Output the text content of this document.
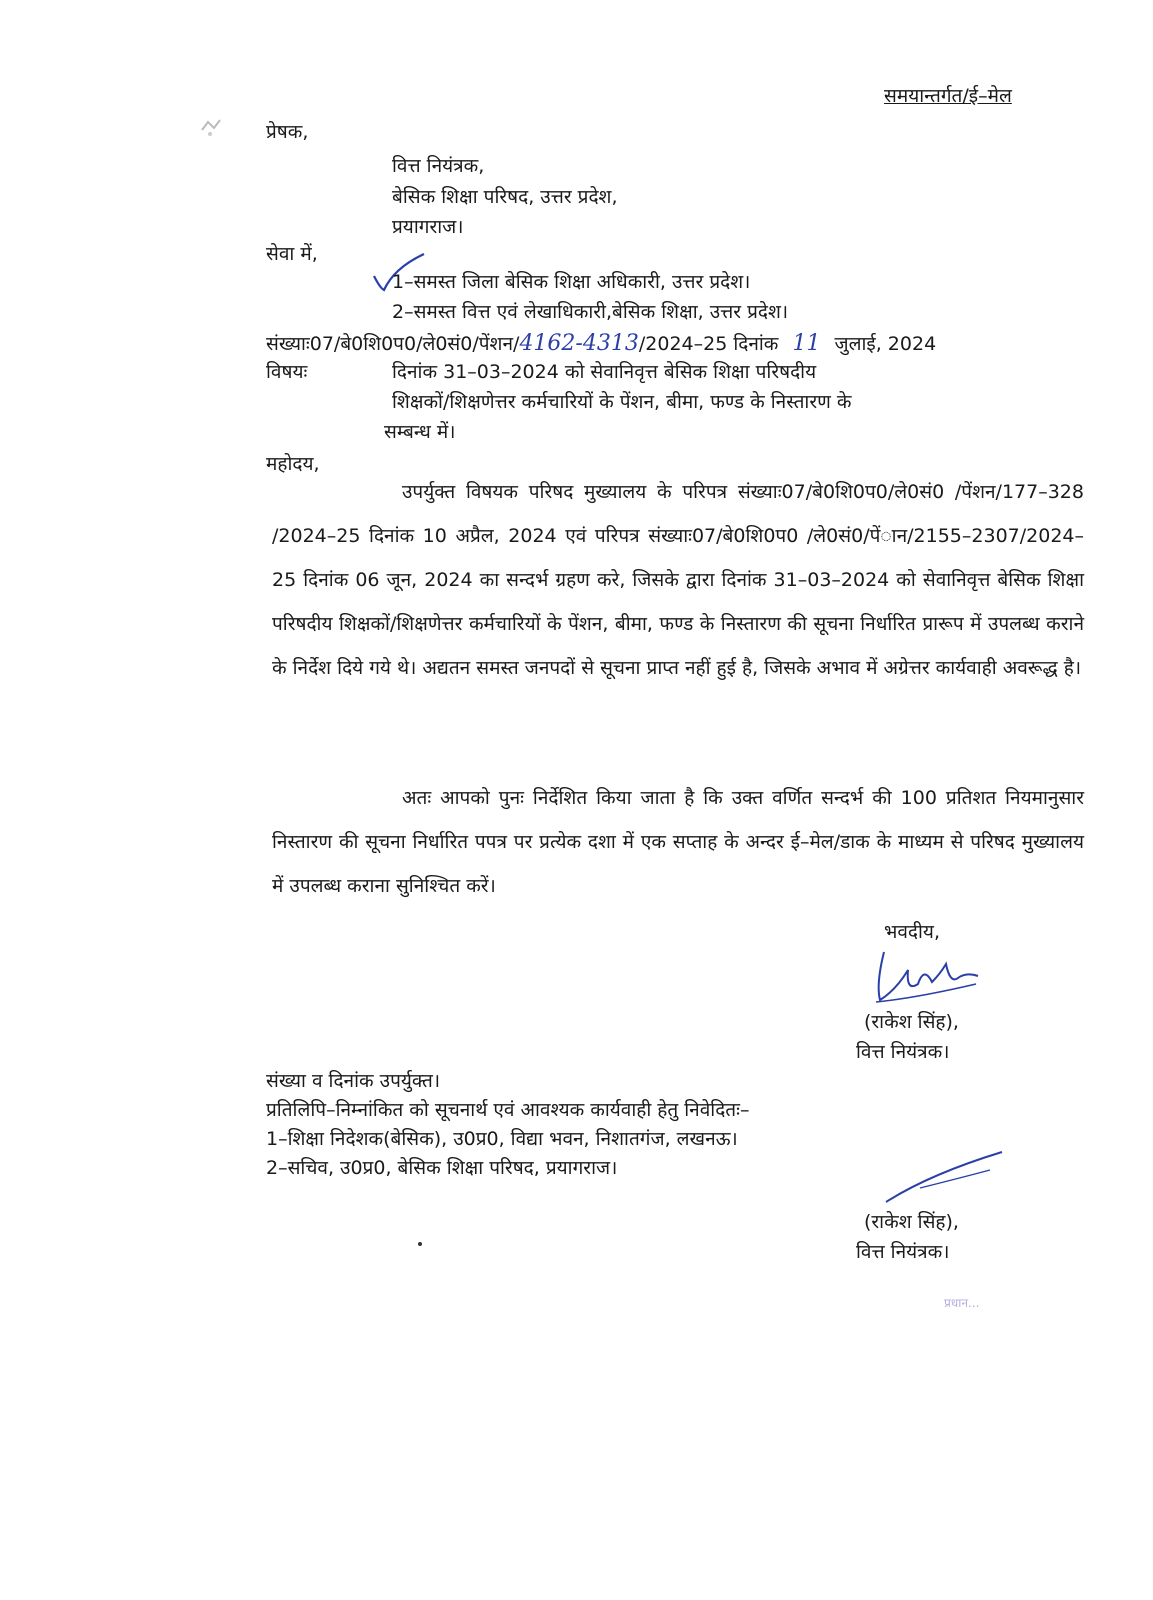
समयान्तर्गत/ई–मेल
प्रेषक,
वित्त नियंत्रक,
बेसिक शिक्षा परिषद, उत्तर प्रदेश,
प्रयागराज।
सेवा में,
1–समस्त जिला बेसिक शिक्षा अधिकारी, उत्तर प्रदेश।
2–समस्त वित्त एवं लेखाधिकारी,बेसिक शिक्षा, उत्तर प्रदेश।
संख्याः07/बे0शि0प0/ले0सं0/पेंशन/4162-4313/2024–25 दिनांक 11 जुलाई, 2024
विषयः	दिनांक 31–03–2024 को सेवानिवृत्त बेसिक शिक्षा परिषदीय
शिक्षकों/शिक्षणेत्तर कर्मचारियों के पेंशन, बीमा, फण्ड के निस्तारण के
सम्बन्ध में।
महोदय,
उपर्युक्त विषयक परिषद मुख्यालय के परिपत्र संख्याः07/बे0शि0प0/ले0सं0 /पेंशन/177–328 /2024–25 दिनांक 10 अप्रैल, 2024 एवं परिपत्र संख्याः07/बे0शि0प0 /ले0सं0/पेंान/2155–2307/2024–25 दिनांक 06 जून, 2024 का सन्दर्भ ग्रहण करे, जिसके द्वारा दिनांक 31–03–2024 को सेवानिवृत्त बेसिक शिक्षा परिषदीय शिक्षकों/शिक्षणेत्तर कर्मचारियों के पेंशन, बीमा, फण्ड के निस्तारण की सूचना निर्धारित प्रारूप में उपलब्ध कराने के निर्देश दिये गये थे। अद्यतन समस्त जनपदों से सूचना प्राप्त नहीं हुई है, जिसके अभाव में अग्रेत्तर कार्यवाही अवरूद्ध है।
अतः आपको पुनः निर्देशित किया जाता है कि उक्त वर्णित सन्दर्भ की 100 प्रतिशत नियमानुसार निस्तारण की सूचना निर्धारित पपत्र पर प्रत्येक दशा में एक सप्ताह के अन्दर ई–मेल/डाक के माध्यम से परिषद मुख्यालय में उपलब्ध कराना सुनिश्चित करें।
भवदीय,
(राकेश सिंह),
वित्त नियंत्रक।
संख्या व दिनांक उपर्युक्त।
प्रतिलिपि–निम्नांकित को सूचनार्थ एवं आवश्यक कार्यवाही हेतु निवेदितः–
1–शिक्षा निदेशक(बेसिक), उ0प्र0, विद्या भवन, निशातगंज, लखनऊ।
2–सचिव, उ0प्र0, बेसिक शिक्षा परिषद, प्रयागराज।
(राकेश सिंह),
वित्त नियंत्रक।
प्रधान...
